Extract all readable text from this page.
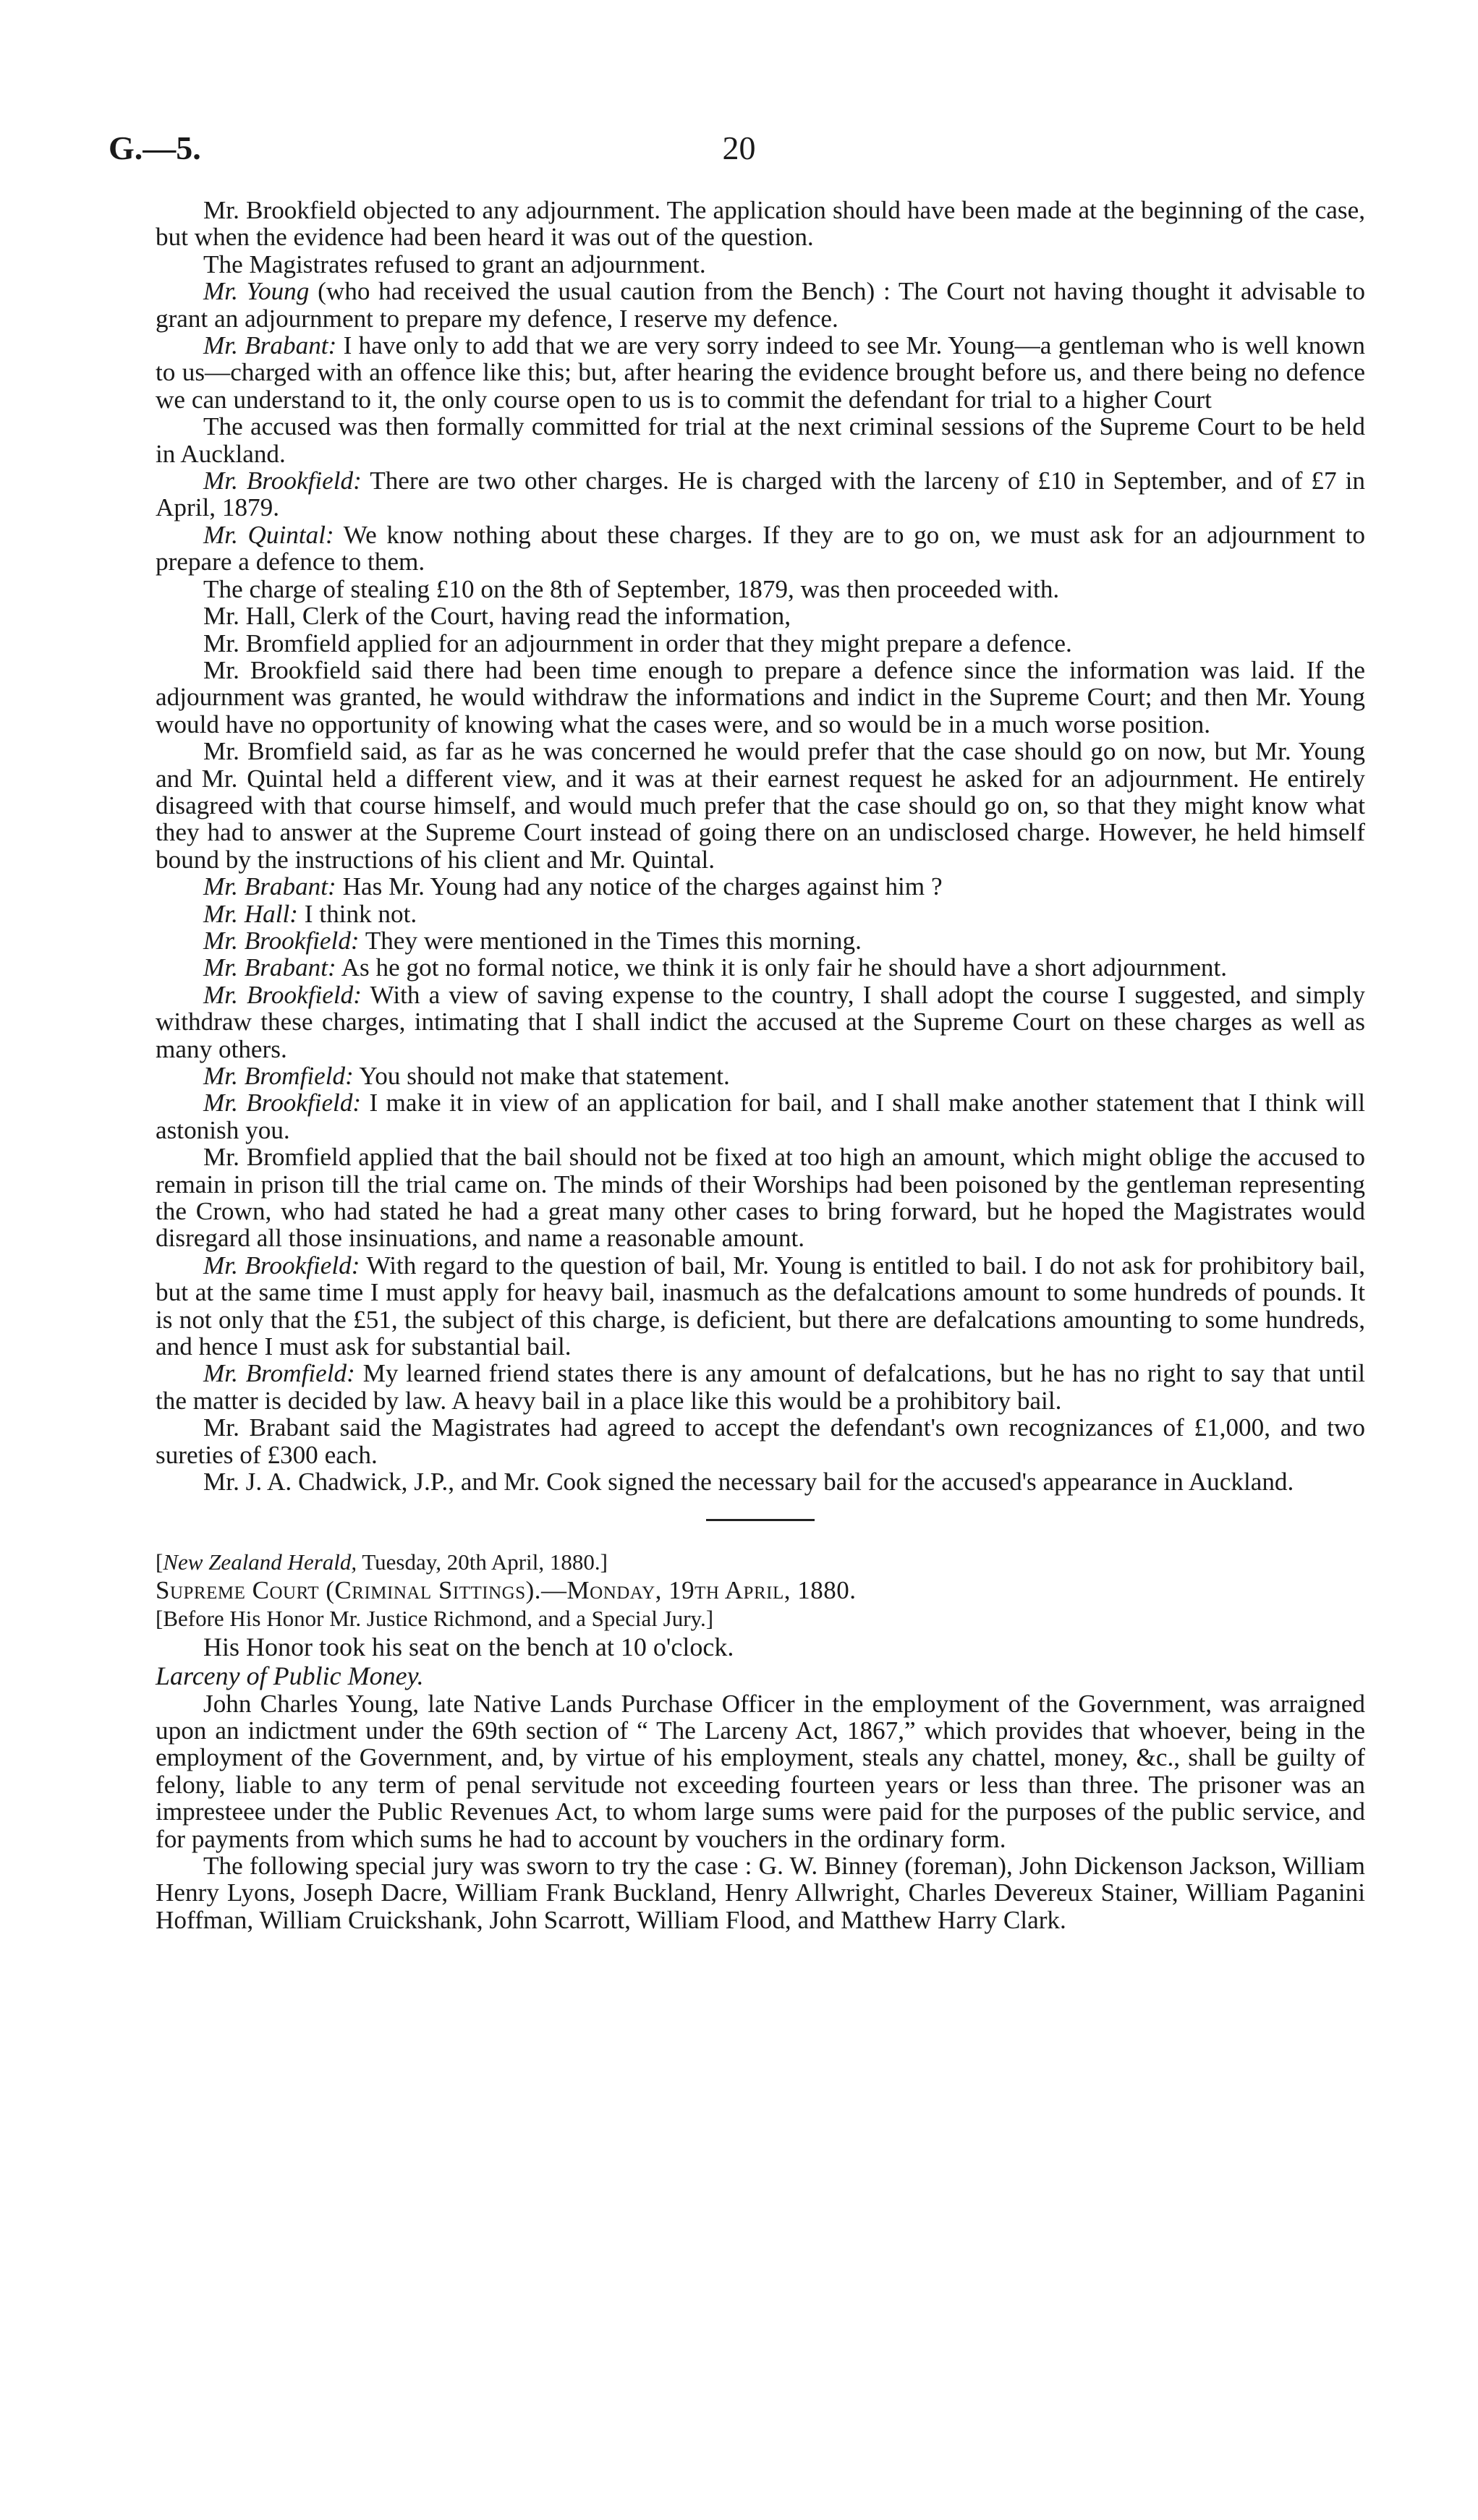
G.—5.	20

Mr. Brookfield objected to any adjournment. The application should have been made at the beginning of the case, but when the evidence had been heard it was out of the question.

The Magistrates refused to grant an adjournment.

Mr. Young (who had received the usual caution from the Bench) : The Court not having thought it advisable to grant an adjournment to prepare my defence, I reserve my defence.

Mr. Brabant: I have only to add that we are very sorry indeed to see Mr. Young—a gentleman who is well known to us—charged with an offence like this; but, after hearing the evidence brought before us, and there being no defence we can understand to it, the only course open to us is to commit the defendant for trial to a higher Court

The accused was then formally committed for trial at the next criminal sessions of the Supreme Court to be held in Auckland.

Mr. Brookfield: There are two other charges. He is charged with the larceny of £10 in September, and of £7 in April, 1879.

Mr. Quintal: We know nothing about these charges. If they are to go on, we must ask for an adjournment to prepare a defence to them.

The charge of stealing £10 on the 8th of September, 1879, was then proceeded with.

Mr. Hall, Clerk of the Court, having read the information,

Mr. Bromfield applied for an adjournment in order that they might prepare a defence.

Mr. Brookfield said there had been time enough to prepare a defence since the information was laid. If the adjournment was granted, he would withdraw the informations and indict in the Supreme Court; and then Mr. Young would have no opportunity of knowing what the cases were, and so would be in a much worse position.

Mr. Bromfield said, as far as he was concerned he would prefer that the case should go on now, but Mr. Young and Mr. Quintal held a different view, and it was at their earnest request he asked for an adjournment. He entirely disagreed with that course himself, and would much prefer that the case should go on, so that they might know what they had to answer at the Supreme Court instead of going there on an undisclosed charge. However, he held himself bound by the instructions of his client and Mr. Quintal.

Mr. Brabant: Has Mr. Young had any notice of the charges against him ?

Mr. Hall: I think not.

Mr. Brookfield: They were mentioned in the Times this morning.

Mr. Brabant: As he got no formal notice, we think it is only fair he should have a short adjournment.

Mr. Brookfield: With a view of saving expense to the country, I shall adopt the course I suggested, and simply withdraw these charges, intimating that I shall indict the accused at the Supreme Court on these charges as well as many others.

Mr. Bromfield: You should not make that statement.

Mr. Brookfield: I make it in view of an application for bail, and I shall make another statement that I think will astonish you.

Mr. Bromfield applied that the bail should not be fixed at too high an amount, which might oblige the accused to remain in prison till the trial came on. The minds of their Worships had been poisoned by the gentleman representing the Crown, who had stated he had a great many other cases to bring forward, but he hoped the Magistrates would disregard all those insinuations, and name a reasonable amount.

Mr. Brookfield: With regard to the question of bail, Mr. Young is entitled to bail. I do not ask for prohibitory bail, but at the same time I must apply for heavy bail, inasmuch as the defalcations amount to some hundreds of pounds. It is not only that the £51, the subject of this charge, is deficient, but there are defalcations amounting to some hundreds, and hence I must ask for substantial bail.

Mr. Bromfield: My learned friend states there is any amount of defalcations, but he has no right to say that until the matter is decided by law. A heavy bail in a place like this would be a prohibitory bail.

Mr. Brabant said the Magistrates had agreed to accept the defendant's own recognizances of £1,000, and two sureties of £300 each.

Mr. J. A. Chadwick, J.P., and Mr. Cook signed the necessary bail for the accused's appearance in Auckland.

[New Zealand Herald, Tuesday, 20th April, 1880.]

Supreme Court (Criminal Sittings).—Monday, 19th April, 1880.

[Before His Honor Mr. Justice Richmond, and a Special Jury.]

His Honor took his seat on the bench at 10 o'clock.

Larceny of Public Money.

John Charles Young, late Native Lands Purchase Officer in the employment of the Government, was arraigned upon an indictment under the 69th section of “ The Larceny Act, 1867,” which provides that whoever, being in the employment of the Government, and, by virtue of his employment, steals any chattel, money, &c., shall be guilty of felony, liable to any term of penal servitude not exceeding fourteen years or less than three. The prisoner was an impresteee under the Public Revenues Act, to whom large sums were paid for the purposes of the public service, and for payments from which sums he had to account by vouchers in the ordinary form.

The following special jury was sworn to try the case : G. W. Binney (foreman), John Dickenson Jackson, William Henry Lyons, Joseph Dacre, William Frank Buckland, Henry Allwright, Charles Devereux Stainer, William Paganini Hoffman, William Cruickshank, John Scarrott, William Flood, and Matthew Harry Clark.
